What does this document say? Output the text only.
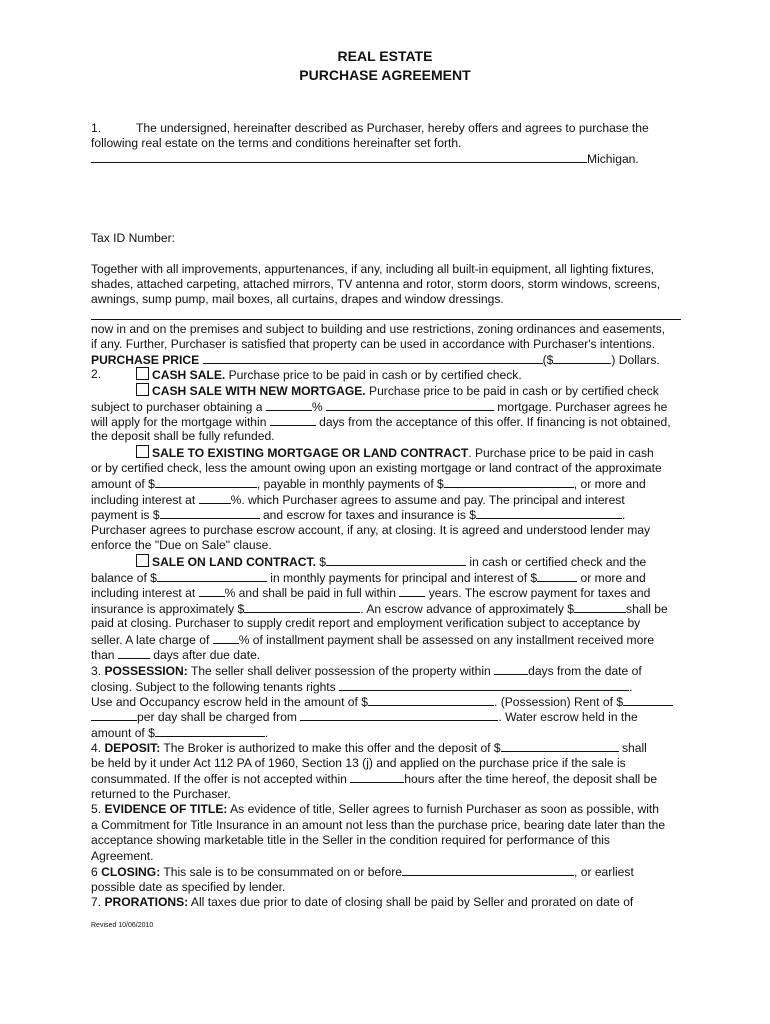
REAL ESTATE
PURCHASE AGREEMENT
1.	The undersigned, hereinafter described as Purchaser, hereby offers and agrees to purchase the
following real estate on the terms and conditions hereinafter set forth.
Michigan.
Tax ID Number:
Together with all improvements, appurtenances, if any, including all built-in equipment, all lighting fixtures,
shades, attached carpeting, attached mirrors, TV antenna and rotor, storm doors, storm windows, screens,
awnings, sump pump, mail boxes, all curtains, drapes and window dressings.
now in and on the premises and subject to building and use restrictions, zoning ordinances and easements,
if any. Further, Purchaser is satisfied that property can be used in accordance with Purchaser's intentions.
PURCHASE PRICE	($	) Dollars.
2.	CASH SALE. Purchase price to be paid in cash or by certified check.
CASH SALE WITH NEW MORTGAGE. Purchase price to be paid in cash or by certified check
subject to purchaser obtaining a	%	mortgage. Purchaser agrees he
will apply for the mortgage within	days from the acceptance of this offer. If financing is not obtained,
the deposit shall be fully refunded.
SALE TO EXISTING MORTGAGE OR LAND CONTRACT. Purchase price to be paid in cash
or by certified check, less the amount owing upon an existing mortgage or land contract of the approximate
amount of $	, payable in monthly payments of $	, or more and
including interest at	%. which Purchaser agrees to assume and pay. The principal and interest
payment is $	and escrow for taxes and insurance is $	.
Purchaser agrees to purchase escrow account, if any, at closing. It is agreed and understood lender may
enforce the "Due on Sale" clause.
SALE ON LAND CONTRACT. $	in cash or certified check and the
balance of $	in monthly payments for principal and interest of $	or more and
including interest at % and shall be paid in full within  years. The escrow payment for taxes and
insurance is approximately $	. An escrow advance of approximately $	shall be
paid at closing. Purchaser to supply credit report and employment verification subject to acceptance by
seller. A late charge of % of installment payment shall be assessed on any installment received more
than	days after due date.
3. POSSESSION: The seller shall deliver possession of the property within	days from the date of
closing. Subject to the following tenants rights	.
Use and Occupancy escrow held in the amount of $	. (Possession) Rent of $
per day shall be charged from	. Water escrow held in the
amount of $	.
4. DEPOSIT: The Broker is authorized to make this offer and the deposit of $	shall
be held by it under Act 112 PA of 1960, Section 13 (j) and applied on the purchase price if the sale is
consummated. If the offer is not accepted within	hours after the time hereof, the deposit shall be
returned to the Purchaser.
5. EVIDENCE OF TITLE: As evidence of title, Seller agrees to furnish Purchaser as soon as possible, with
a Commitment for Title Insurance in an amount not less than the purchase price, bearing date later than the
acceptance showing marketable title in the Seller in the condition required for performance of this
Agreement.
6 CLOSING: This sale is to be consummated on or before	, or earliest
possible date as specified by lender.
7. PRORATIONS: All taxes due prior to date of closing shall be paid by Seller and prorated on date of
Revised 10/06/2010
